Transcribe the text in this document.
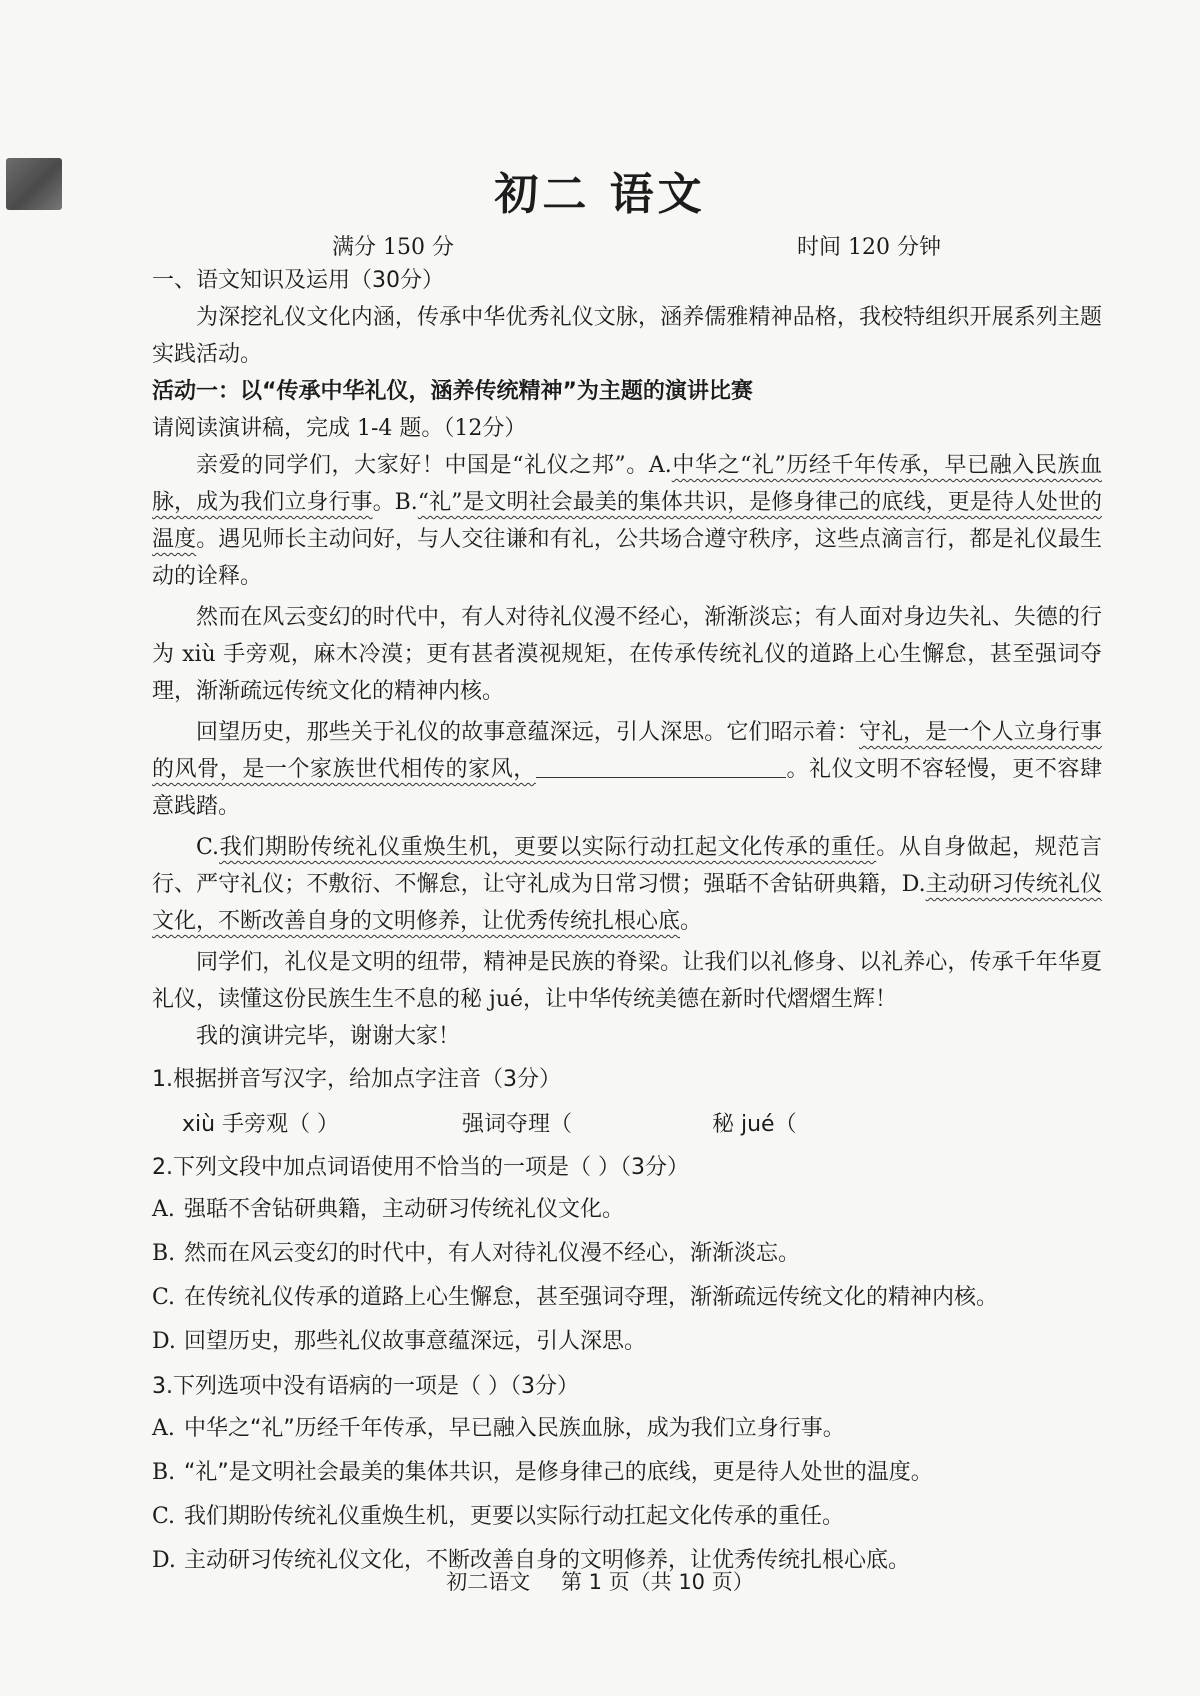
初二 语文
满分 150 分	时间 120 分钟
一、语文知识及运用（30分）

为深挖礼仪文化内涵，传承中华优秀礼仪文脉，涵养儒雅精神品格，我校特组织开展系列主题实践活动。

活动一：以“传承中华礼仪，涵养传统精神”为主题的演讲比赛

请阅读演讲稿，完成 1-4 题。（12分）

亲爱的同学们，大家好！中国是“礼仪之邦”。A.中华之“礼”历经千年传承，早已融入民族血脉，成为我们立身行事。B.“礼”是文明社会最美的集体共识，是修身律己的底线，更是待人处世的温度。遇见师长主动问好，与人交往谦和有礼，公共场合遵守秩序，这些点滴言行，都是礼仪最生动的诠释。

然而在风云变幻的时代中，有人对待礼仪漫不经心，渐渐淡忘；有人面对身边失礼、失德的行为 xiù 手旁观，麻木冷漠；更有甚者漠视规矩，在传承传统礼仪的道路上心生懈怠，甚至强词夺理，渐渐疏远传统文化的精神内核。

回望历史，那些关于礼仪的故事意蕴深远，引人深思。它们昭示着：守礼，是一个人立身行事的风骨，是一个家族世代相传的家风，	。礼仪文明不容轻慢，更不容肆意践踏。

C.我们期盼传统礼仪重焕生机，更要以实际行动扛起文化传承的重任。从自身做起，规范言行、严守礼仪；不敷衍、不懈怠，让守礼成为日常习惯；强聒不舍钻研典籍，D.主动研习传统礼仪文化，不断改善自身的文明修养，让优秀传统扎根心底。

同学们，礼仪是文明的纽带，精神是民族的脊梁。让我们以礼修身、以礼养心，传承千年华夏礼仪，读懂这份民族生生不息的秘 jué，让中华传统美德在新时代熠熠生辉！

我的演讲完毕，谢谢大家！

1.根据拼音写汉字，给加点字注音（3分）

xiù 手旁观（ ）	强词夺理（	秘 jué（

2.下列文段中加点词语使用不恰当的一项是（ ）（3分）

A. 强聒不舍钻研典籍，主动研习传统礼仪文化。
B. 然而在风云变幻的时代中，有人对待礼仪漫不经心，渐渐淡忘。
C. 在传统礼仪传承的道路上心生懈怠，甚至强词夺理，渐渐疏远传统文化的精神内核。
D. 回望历史，那些礼仪故事意蕴深远，引人深思。

3.下列选项中没有语病的一项是（ ）（3分）

A. 中华之“礼”历经千年传承，早已融入民族血脉，成为我们立身行事。
B. “礼”是文明社会最美的集体共识，是修身律己的底线，更是待人处世的温度。
C. 我们期盼传统礼仪重焕生机，更要以实际行动扛起文化传承的重任。
D. 主动研习传统礼仪文化，不断改善自身的文明修养，让优秀传统扎根心底。
初二语文 第 1 页（共 10 页）
